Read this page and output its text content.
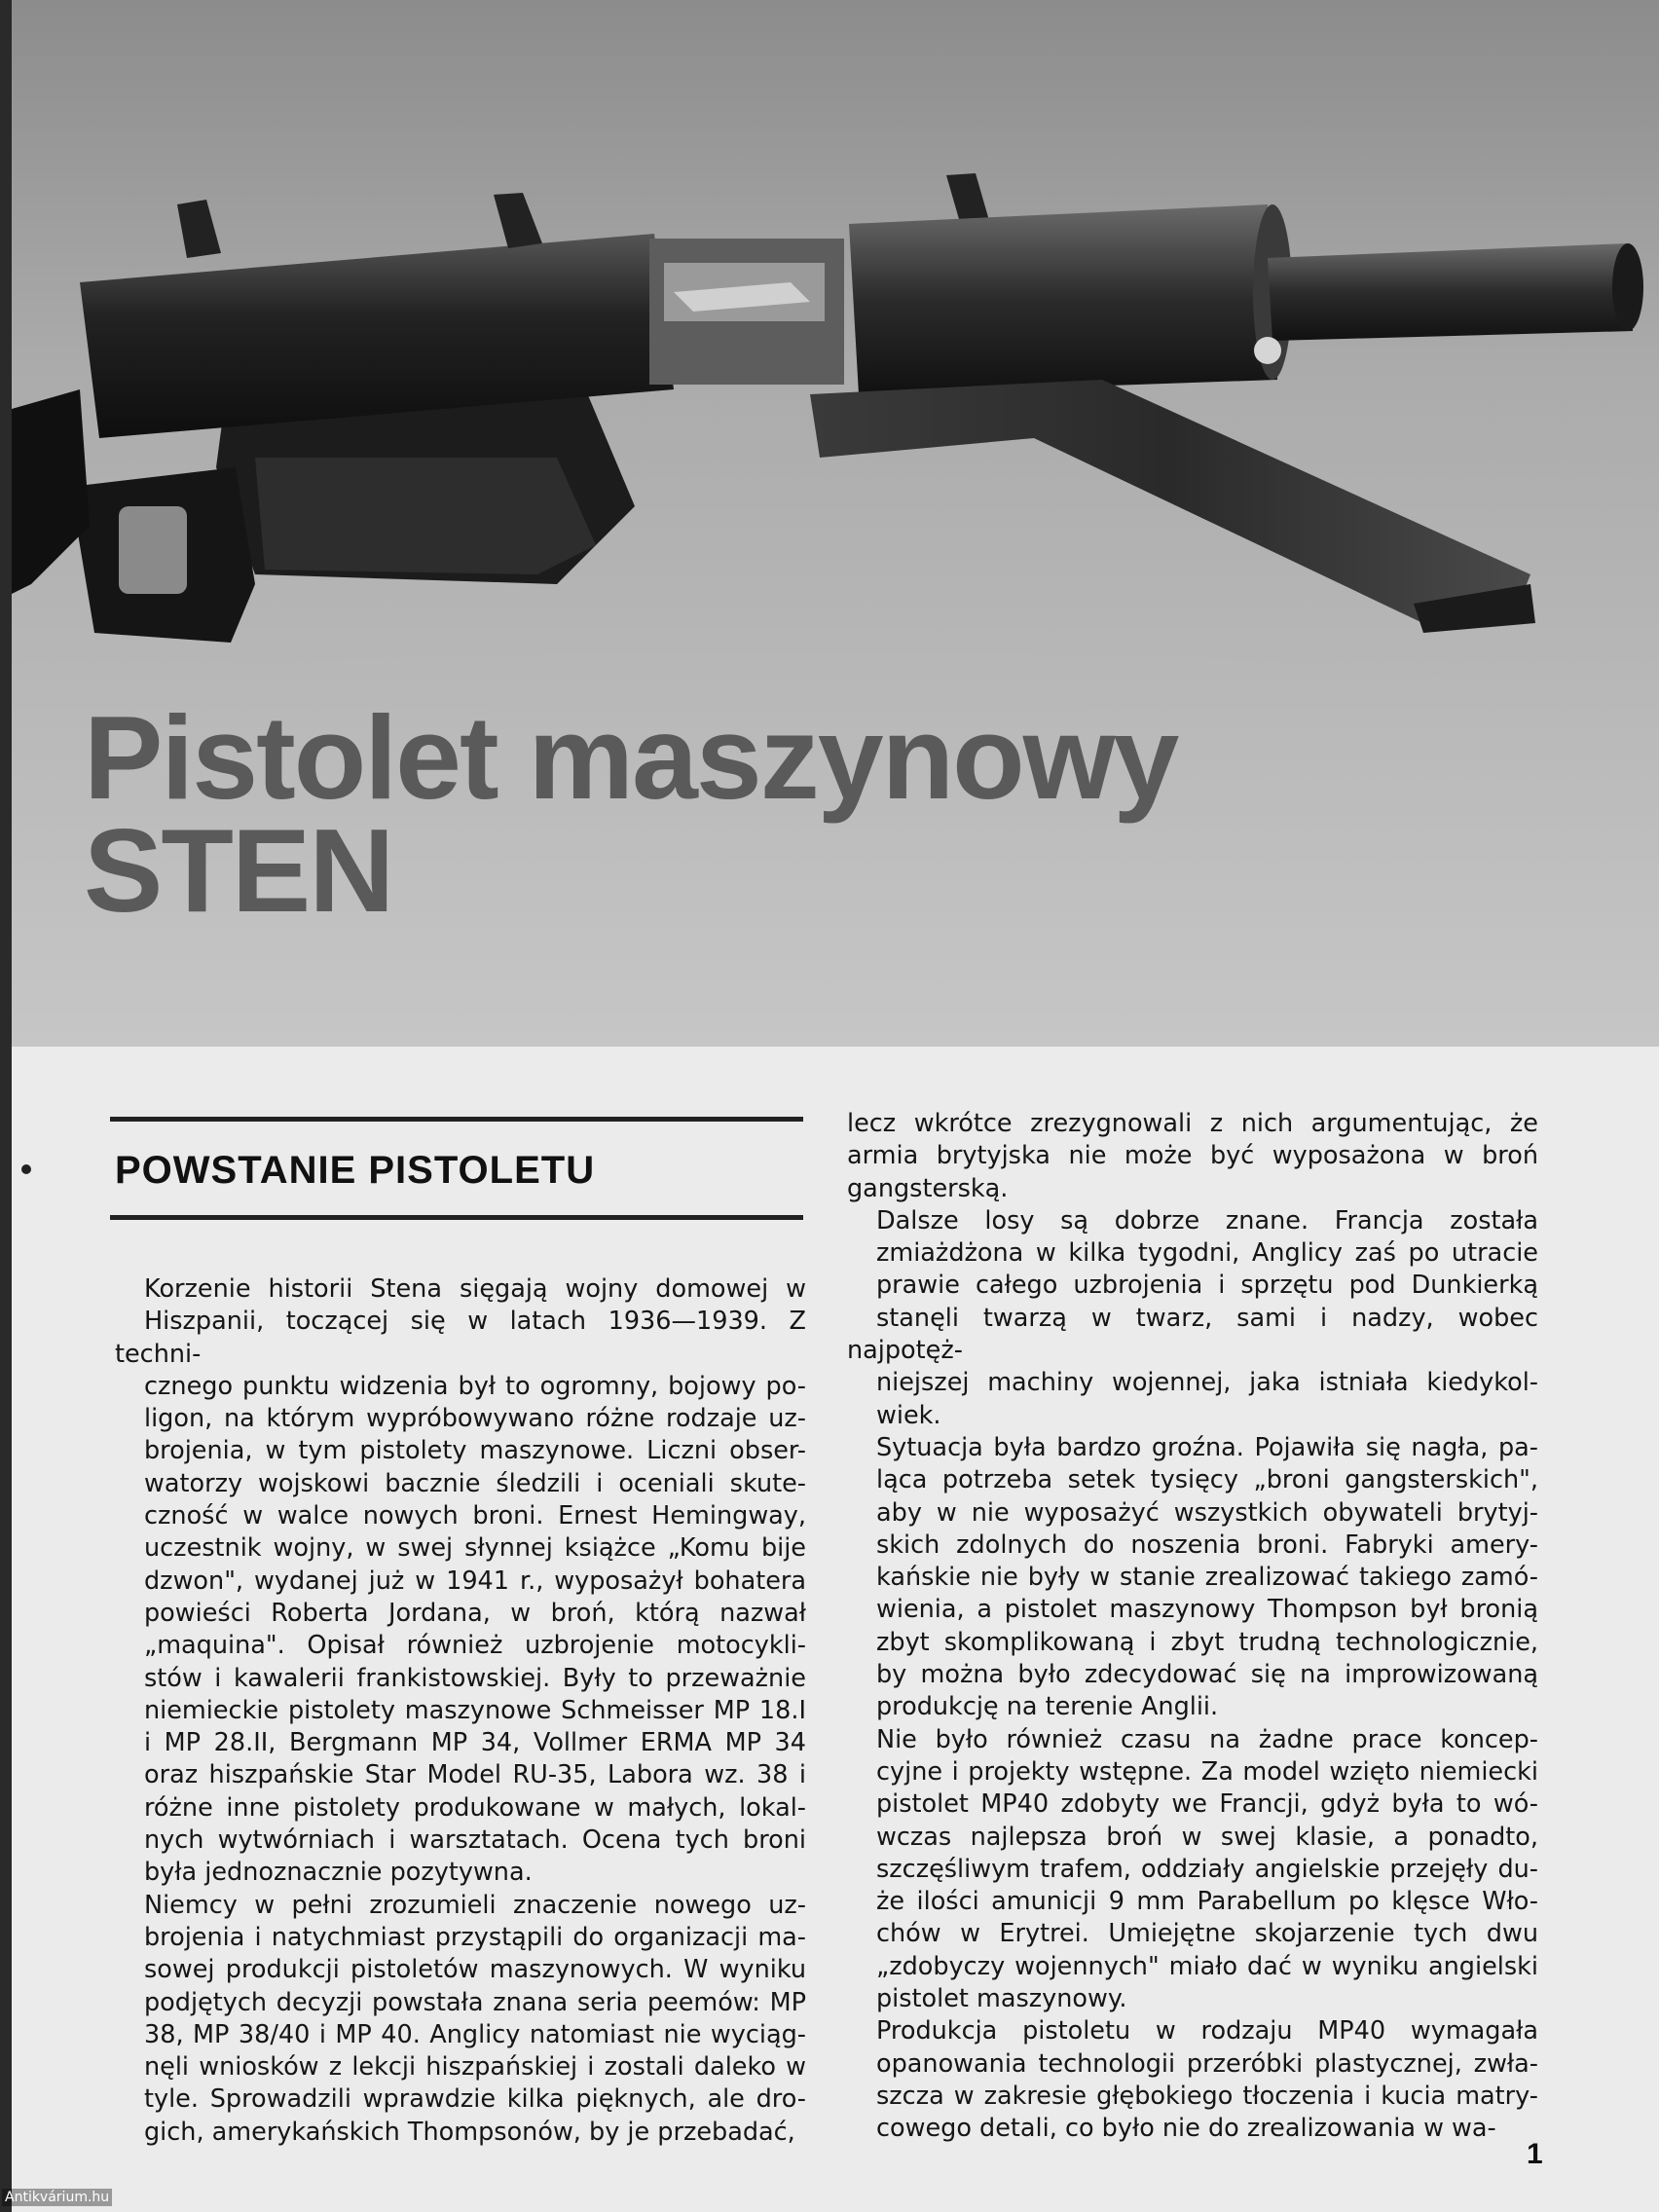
Pistolet maszynowy
STEN
POWSTANIE PISTOLETU

Korzenie historii Stena sięgają wojny domowej w
Hiszpanii, toczącej się w latach 1936—1939. Z techni-
cznego punktu widzenia był to ogromny, bojowy po-
ligon, na którym wypróbowywano różne rodzaje uz-
brojenia, w tym pistolety maszynowe. Liczni obser-
watorzy wojskowi bacznie śledzili i oceniali skute-
czność w walce nowych broni. Ernest Hemingway,
uczestnik wojny, w swej słynnej książce „Komu bije
dzwon", wydanej już w 1941 r., wyposażył bohatera
powieści Roberta Jordana, w broń, którą nazwał
„maquina". Opisał również uzbrojenie motocykli-
stów i kawalerii frankistowskiej. Były to przeważnie
niemieckie pistolety maszynowe Schmeisser MP 18.I
i MP 28.II, Bergmann MP 34, Vollmer ERMA MP 34
oraz hiszpańskie Star Model RU-35, Labora wz. 38 i
różne inne pistolety produkowane w małych, lokal-
nych wytwórniach i warsztatach. Ocena tych broni
była jednoznacznie pozytywna.

Niemcy w pełni zrozumieli znaczenie nowego uz-
brojenia i natychmiast przystąpili do organizacji ma-
sowej produkcji pistoletów maszynowych. W wyniku
podjętych decyzji powstała znana seria peemów: MP
38, MP 38/40 i MP 40. Anglicy natomiast nie wyciąg-
nęli wniosków z lekcji hiszpańskiej i zostali daleko w
tyle. Sprowadzili wprawdzie kilka pięknych, ale dro-
gich, amerykańskich Thompsonów, by je przebadać,

lecz wkrótce zrezygnowali z nich argumentując, że
armia brytyjska nie może być wyposażona w broń
gangsterską.

Dalsze losy są dobrze znane. Francja została
zmiażdżona w kilka tygodni, Anglicy zaś po utracie
prawie całego uzbrojenia i sprzętu pod Dunkierką
stanęli twarzą w twarz, sami i nadzy, wobec najpotęż-
niejszej machiny wojennej, jaka istniała kiedykol-
wiek.

Sytuacja była bardzo groźna. Pojawiła się nagła, pa-
ląca potrzeba setek tysięcy „broni gangsterskich",
aby w nie wyposażyć wszystkich obywateli brytyj-
skich zdolnych do noszenia broni. Fabryki amery-
kańskie nie były w stanie zrealizować takiego zamó-
wienia, a pistolet maszynowy Thompson był bronią
zbyt skomplikowaną i zbyt trudną technologicznie,
by można było zdecydować się na improwizowaną
produkcję na terenie Anglii.

Nie było również czasu na żadne prace koncep-
cyjne i projekty wstępne. Za model wzięto niemiecki
pistolet MP40 zdobyty we Francji, gdyż była to wó-
wczas najlepsza broń w swej klasie, a ponadto,
szczęśliwym trafem, oddziały angielskie przejęły du-
że ilości amunicji 9 mm Parabellum po klęsce Wło-
chów w Erytrei. Umiejętne skojarzenie tych dwu
„zdobyczy wojennych" miało dać w wyniku angielski
pistolet maszynowy.

Produkcja pistoletu w rodzaju MP40 wymagała
opanowania technologii przeróbki plastycznej, zwła-
szcza w zakresie głębokiego tłoczenia i kucia matry-
cowego detali, co było nie do zrealizowania w wa-

1

Antikvárium.hu
